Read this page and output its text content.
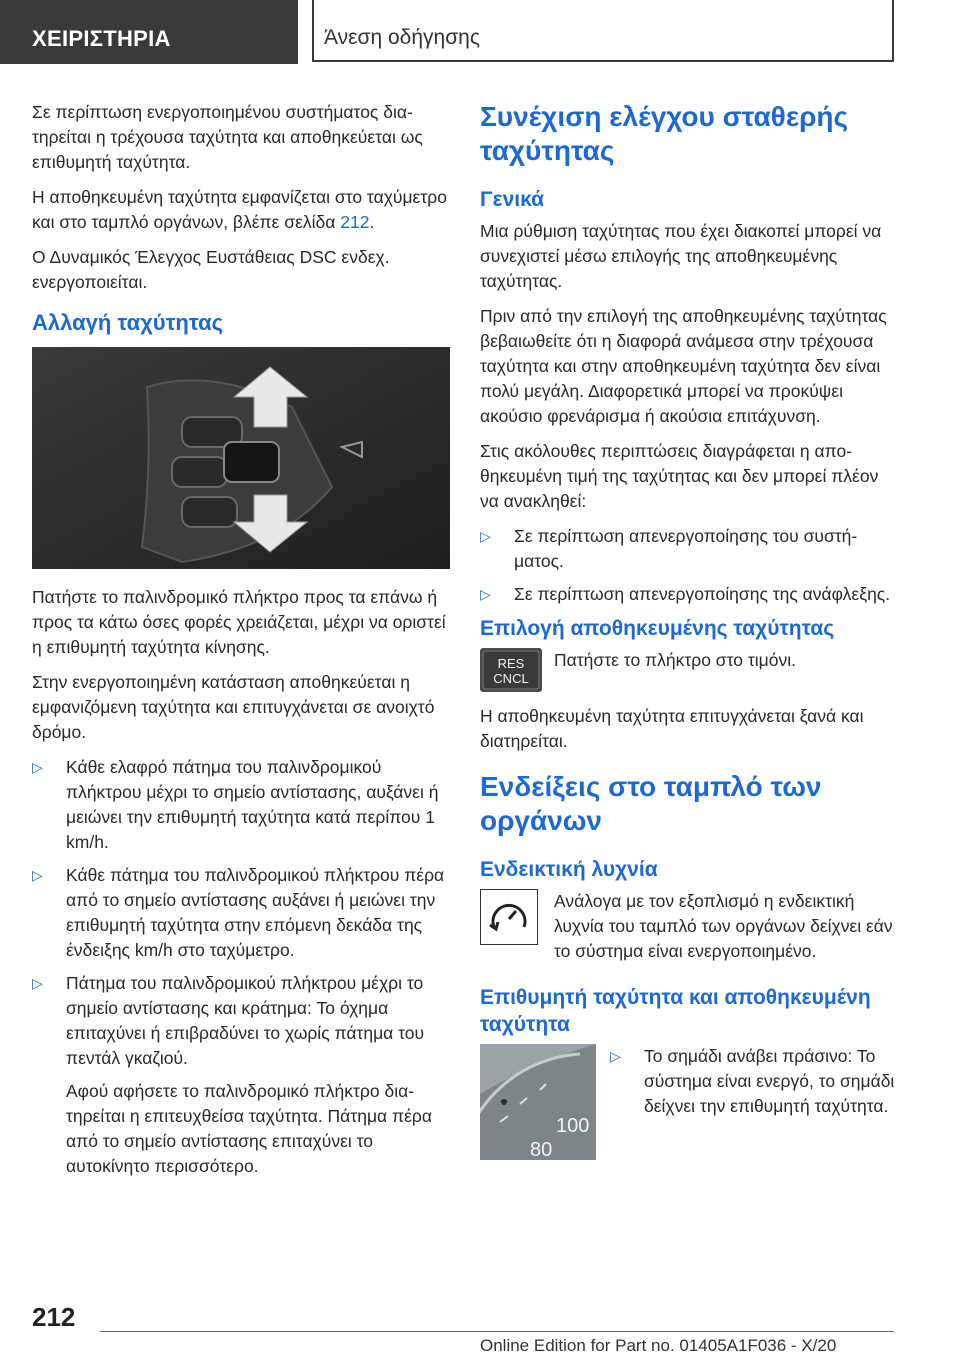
ΧΕΙΡΙΣΤΗΡΙΑ	Άνεση οδήγησης

Σε περίπτωση ενεργοποιημένου συστήματος διατηρείται η τρέχουσα ταχύτητα και αποθηκεύεται ως επιθυμητή ταχύτητα.

Η αποθηκευμένη ταχύτητα εμφανίζεται στο ταχύμετρο και στο ταμπλό οργάνων, βλέπε σελίδα 212.

Ο Δυναμικός Έλεγχος Ευστάθειας DSC ενδεχ. ενεργοποιείται.

Αλλαγή ταχύτητας

Πατήστε το παλινδρομικό πλήκτρο προς τα επάνω ή προς τα κάτω όσες φορές χρειάζεται, μέχρι να οριστεί η επιθυμητή ταχύτητα κίνησης.

Στην ενεργοποιημένη κατάσταση αποθηκεύεται η εμφανιζόμενη ταχύτητα και επιτυγχάνεται σε ανοιχτό δρόμο.

▷ Κάθε ελαφρό πάτημα του παλινδρομικού πλήκτρου μέχρι το σημείο αντίστασης, αυξάνει ή μειώνει την επιθυμητή ταχύτητα κατά περίπου 1 km/h.
▷ Κάθε πάτημα του παλινδρομικού πλήκτρου πέρα από το σημείο αντίστασης αυξάνει ή μειώνει την επιθυμητή ταχύτητα στην επόμενη δεκάδα της ένδειξης km/h στο ταχύμετρο.
▷ Πάτημα του παλινδρομικού πλήκτρου μέχρι το σημείο αντίστασης και κράτημα: Το όχημα επιταχύνει ή επιβραδύνει το χωρίς πάτημα του πεντάλ γκαζιού.

Αφού αφήσετε το παλινδρομικό πλήκτρο διατηρείται η επιτευχθείσα ταχύτητα. Πάτημα πέρα από το σημείο αντίστασης επιταχύνει το αυτοκίνητο περισσότερο.

Συνέχιση ελέγχου σταθερής ταχύτητας
Γενικά

Μια ρύθμιση ταχύτητας που έχει διακοπεί μπορεί να συνεχιστεί μέσω επιλογής της αποθηκευμένης ταχύτητας.

Πριν από την επιλογή της αποθηκευμένης ταχύτητας βεβαιωθείτε ότι η διαφορά ανάμεσα στην τρέχουσα ταχύτητα και στην αποθηκευμένη ταχύτητα δεν είναι πολύ μεγάλη. Διαφορετικά μπορεί να προκύψει ακούσιο φρενάρισμα ή ακούσια επιτάχυνση.

Στις ακόλουθες περιπτώσεις διαγράφεται η αποθηκευμένη τιμή της ταχύτητας και δεν μπορεί πλέον να ανακληθεί:

▷ Σε περίπτωση απενεργοποίησης του συστήματος.
▷ Σε περίπτωση απενεργοποίησης της ανάφλεξης.
Επιλογή αποθηκευμένης ταχύτητας
RES
CNCL

Πατήστε το πλήκτρο στο τιμόνι.

Η αποθηκευμένη ταχύτητα επιτυγχάνεται ξανά και διατηρείται.

Ενδείξεις στο ταμπλό των οργάνων
Ενδεικτική λυχνία

Ανάλογα με τον εξοπλισμό η ενδεικτική λυχνία του ταμπλό των οργάνων δείχνει εάν το σύστημα είναι ενεργοποιημένο.

Επιθυμητή ταχύτητα και αποθηκευμένη ταχύτητα
100
80
▷ Το σημάδι ανάβει πράσινο: Το σύστημα είναι ενεργό, το σημάδι δείχνει την επιθυμητή ταχύτητα.
212
Online Edition for Part no. 01405A1F036 - X/20
